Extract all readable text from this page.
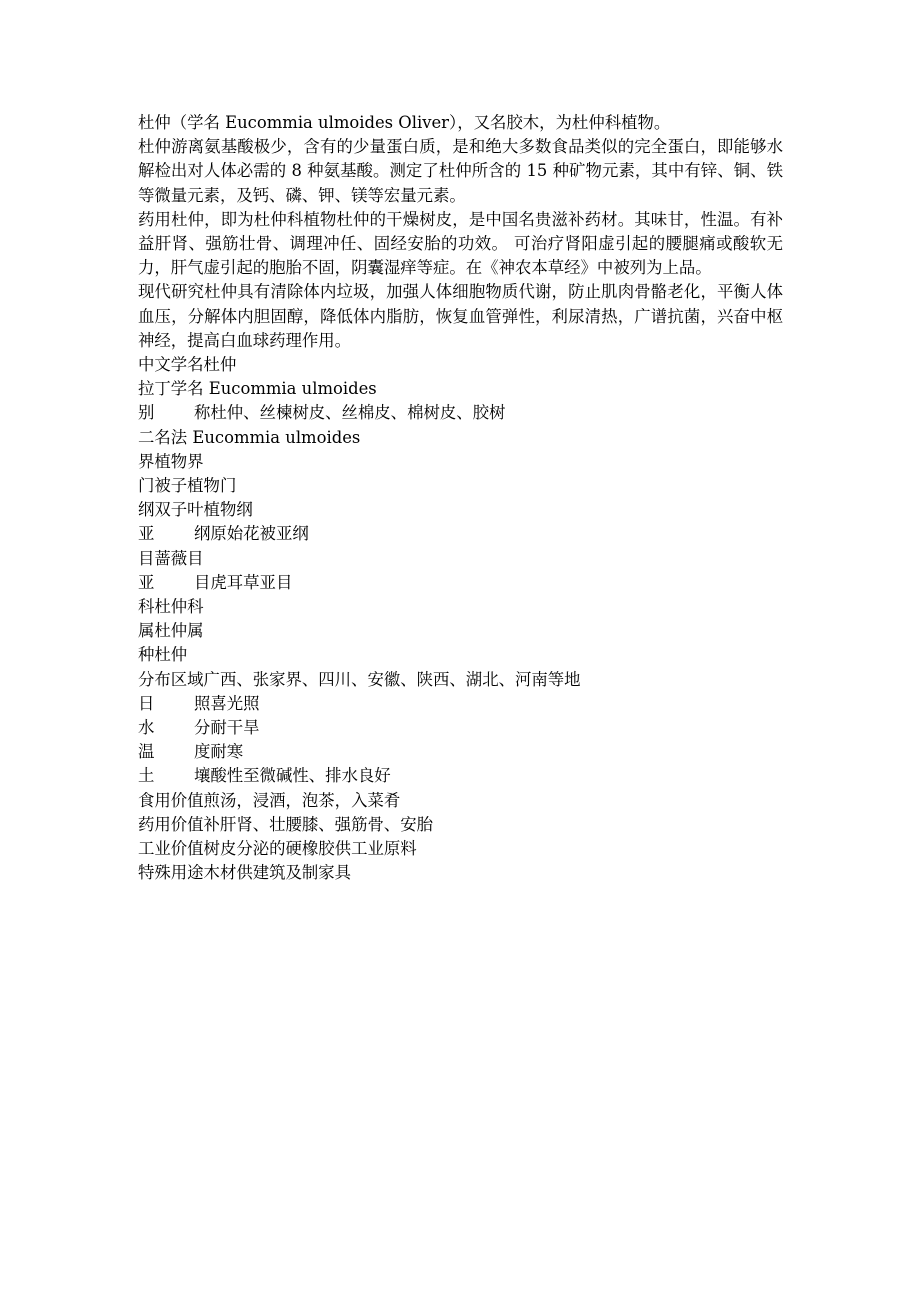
杜仲（学名 Eucommia ulmoides Oliver），又名胶木，为杜仲科植物。

杜仲游离氨基酸极少，含有的少量蛋白质，是和绝大多数食品类似的完全蛋白，即能够水解检出对人体必需的 8 种氨基酸。测定了杜仲所含的 15 种矿物元素，其中有锌、铜、铁等微量元素，及钙、磷、钾、镁等宏量元素。

药用杜仲，即为杜仲科植物杜仲的干燥树皮，是中国名贵滋补药材。其味甘，性温。有补益肝肾、强筋壮骨、调理冲任、固经安胎的功效。 可治疗肾阳虚引起的腰腿痛或酸软无力，肝气虚引起的胞胎不固，阴囊湿痒等症。在《神农本草经》中被列为上品。

现代研究杜仲具有清除体内垃圾，加强人体细胞物质代谢，防止肌肉骨骼老化，平衡人体血压，分解体内胆固醇，降低体内脂肪，恢复血管弹性，利尿清热，广谱抗菌，兴奋中枢神经，提高白血球药理作用。

中文学名杜仲

拉丁学名 Eucommia ulmoides

别 称杜仲、丝楝树皮、丝棉皮、棉树皮、胶树

二名法 Eucommia ulmoides

界植物界

门被子植物门

纲双子叶植物纲

亚 纲原始花被亚纲

目蔷薇目

亚 目虎耳草亚目

科杜仲科

属杜仲属

种杜仲

分布区域广西、张家界、四川、安徽、陕西、湖北、河南等地

日 照喜光照

水 分耐干旱

温 度耐寒

土 壤酸性至微碱性、排水良好

食用价值煎汤，浸酒，泡茶，入菜肴

药用价值补肝肾、壮腰膝、强筋骨、安胎

工业价值树皮分泌的硬橡胶供工业原料

特殊用途木材供建筑及制家具
